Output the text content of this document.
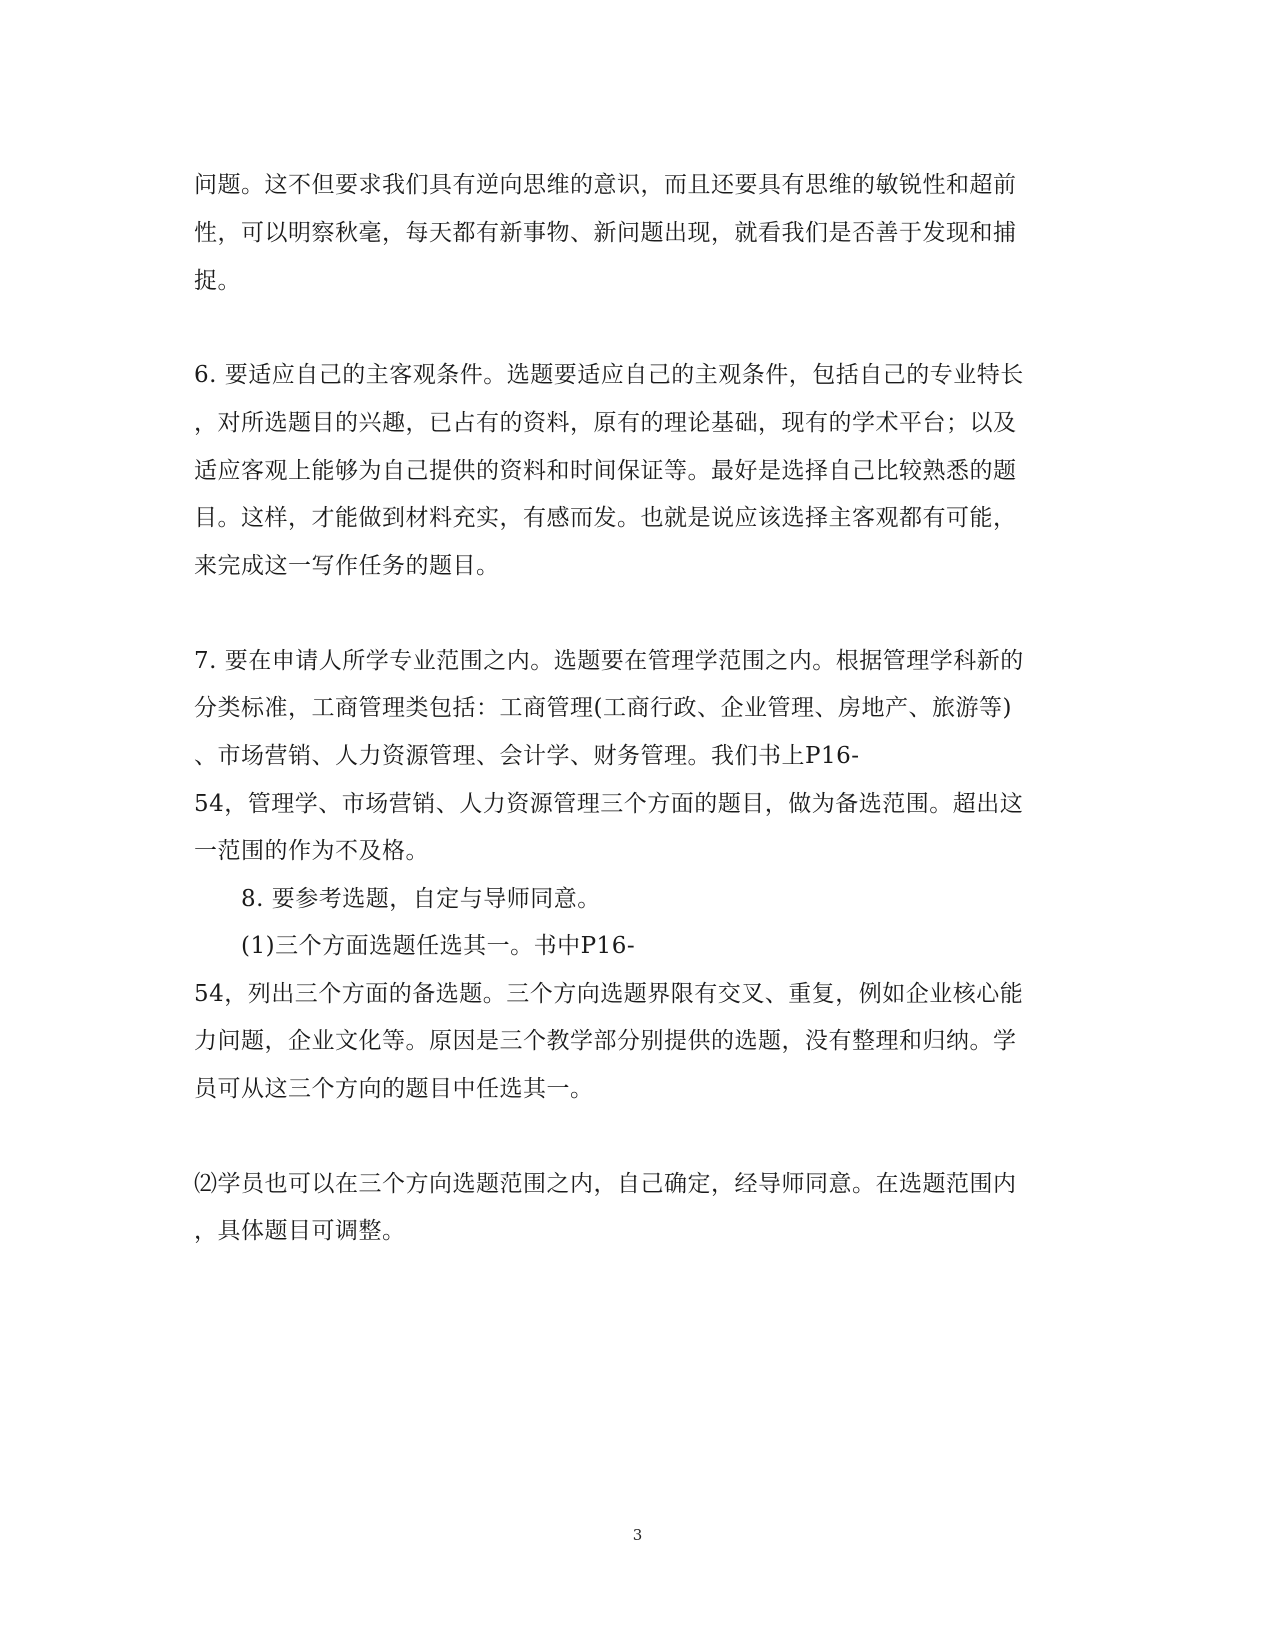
问题。这不但要求我们具有逆向思维的意识，而且还要具有思维的敏锐性和超前

性，可以明察秋毫，每天都有新事物、新问题出现，就看我们是否善于发现和捕

捉。

6. 要适应自己的主客观条件。选题要适应自己的主观条件，包括自己的专业特长

，对所选题目的兴趣，已占有的资料，原有的理论基础，现有的学术平台；以及

适应客观上能够为自己提供的资料和时间保证等。最好是选择自己比较熟悉的题

目。这样，才能做到材料充实，有感而发。也就是说应该选择主客观都有可能，

来完成这一写作任务的题目。

7. 要在申请人所学专业范围之内。选题要在管理学范围之内。根据管理学科新的

分类标准，工商管理类包括：工商管理(工商行政、企业管理、房地产、旅游等)

、市场营销、人力资源管理、会计学、财务管理。我们书上P16-

54，管理学、市场营销、人力资源管理三个方面的题目，做为备选范围。超出这

一范围的作为不及格。

8. 要参考选题，自定与导师同意。

(1)三个方面选题任选其一。书中P16-

54，列出三个方面的备选题。三个方向选题界限有交叉、重复，例如企业核心能

力问题，企业文化等。原因是三个教学部分别提供的选题，没有整理和归纳。学

员可从这三个方向的题目中任选其一。

⑵学员也可以在三个方向选题范围之内，自己确定，经导师同意。在选题范围内

，具体题目可调整。

3
